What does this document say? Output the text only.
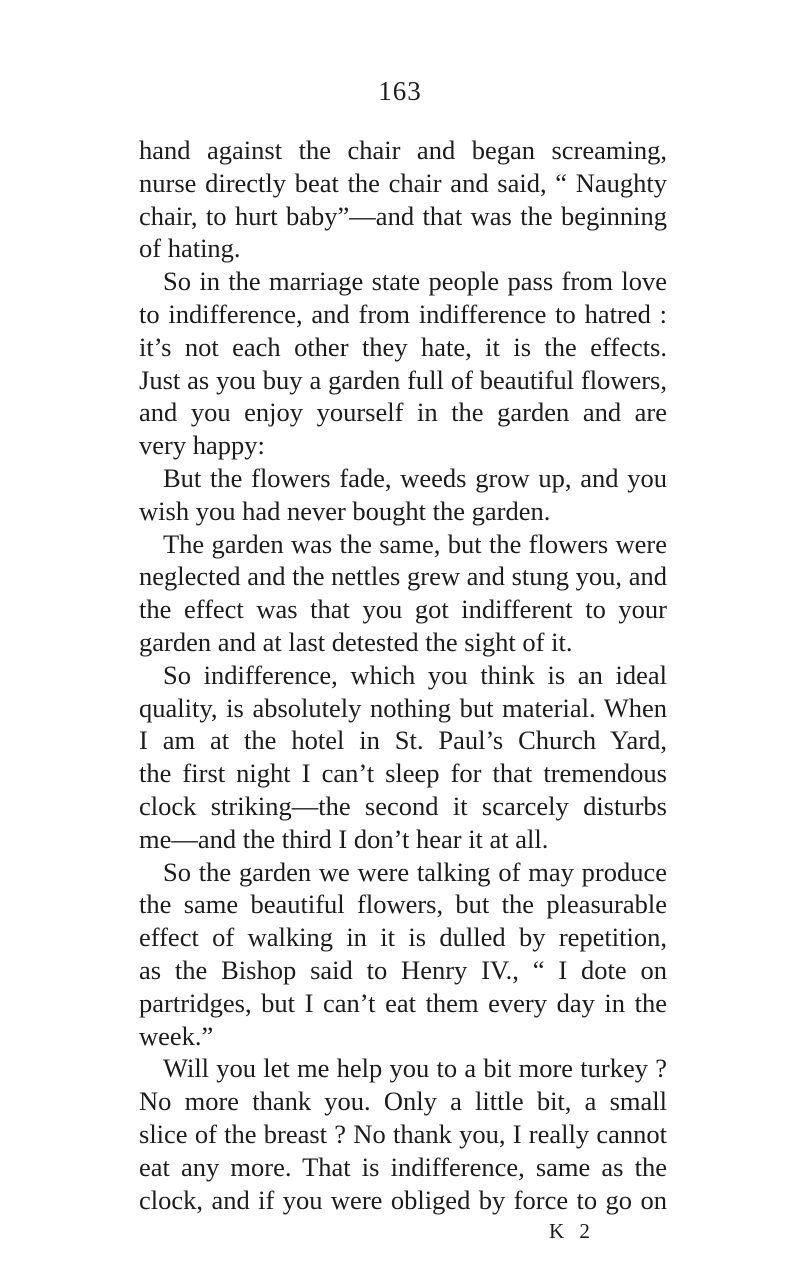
163
hand against the chair and began screaming,
nurse directly beat the chair and said, “ Naughty
chair, to hurt baby”—and that was the beginning
of hating.
So in the marriage state people pass from love
to indifference, and from indifference to hatred :
it’s not each other they hate, it is the effects.
Just as you buy a garden full of beautiful flowers,
and you enjoy yourself in the garden and are
very happy:
But the flowers fade, weeds grow up, and you
wish you had never bought the garden.
The garden was the same, but the flowers were
neglected and the nettles grew and stung you, and
the effect was that you got indifferent to your
garden and at last detested the sight of it.
So indifference, which you think is an ideal
quality, is absolutely nothing but material. When
I am at the hotel in St. Paul’s Church Yard,
the first night I can’t sleep for that tremendous
clock striking—the second it scarcely disturbs
me—and the third I don’t hear it at all.
So the garden we were talking of may produce
the same beautiful flowers, but the pleasurable
effect of walking in it is dulled by repetition,
as the Bishop said to Henry IV., “ I dote on
partridges, but I can’t eat them every day in the
week.”
Will you let me help you to a bit more turkey ?
No more thank you. Only a little bit, a small
slice of the breast ? No thank you, I really cannot
eat any more. That is indifference, same as the
clock, and if you were obliged by force to go on
K 2
